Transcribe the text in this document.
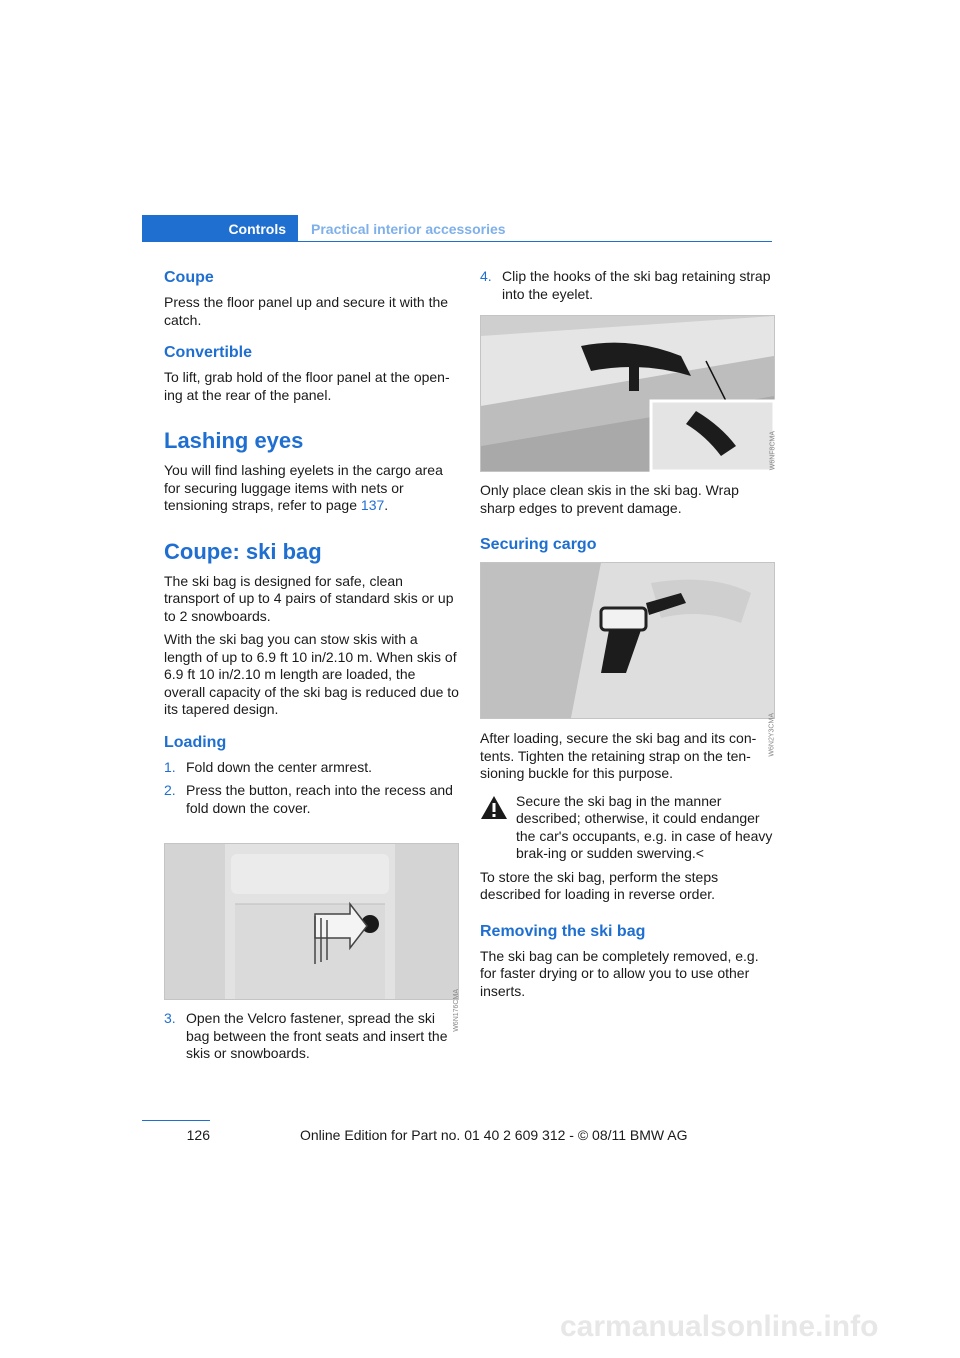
Controls Practical interior accessories
Coupe

Press the floor panel up and secure it with the catch.

Convertible

To lift, grab hold of the floor panel at the open-ing at the rear of the panel.

Lashing eyes

You will find lashing eyelets in the cargo area for securing luggage items with nets or tensioning straps, refer to page 137.

Coupe: ski bag

The ski bag is designed for safe, clean transport of up to 4 pairs of standard skis or up to 2 snowboards.

With the ski bag you can stow skis with a length of up to 6.9 ft 10 in/2.10 m. When skis of 6.9 ft 10 in/2.10 m length are loaded, the overall capacity of the ski bag is reduced due to its tapered design.

Loading
1. Fold down the center armrest.
2. Press the button, reach into the recess and fold down the cover.
W6N176CMA
3. Open the Velcro fastener, spread the ski bag between the front seats and insert the skis or snowboards.
4. Clip the hooks of the ski bag retaining strap into the eyelet.
W6NF8CMA

Only place clean skis in the ski bag. Wrap sharp edges to prevent damage.

Securing cargo
W6N2Y3CMA

After loading, secure the ski bag and its con-tents. Tighten the retaining strap on the ten-sioning buckle for this purpose.

Secure the ski bag in the manner described; otherwise, it could endanger the car's occupants, e.g. in case of heavy brak-ing or sudden swerving.<

To store the ski bag, perform the steps described for loading in reverse order.

Removing the ski bag

The ski bag can be completely removed, e.g. for faster drying or to allow you to use other inserts.

126	Online Edition for Part no. 01 40 2 609 312 - © 08/11 BMW AG
carmanualsonline.info
